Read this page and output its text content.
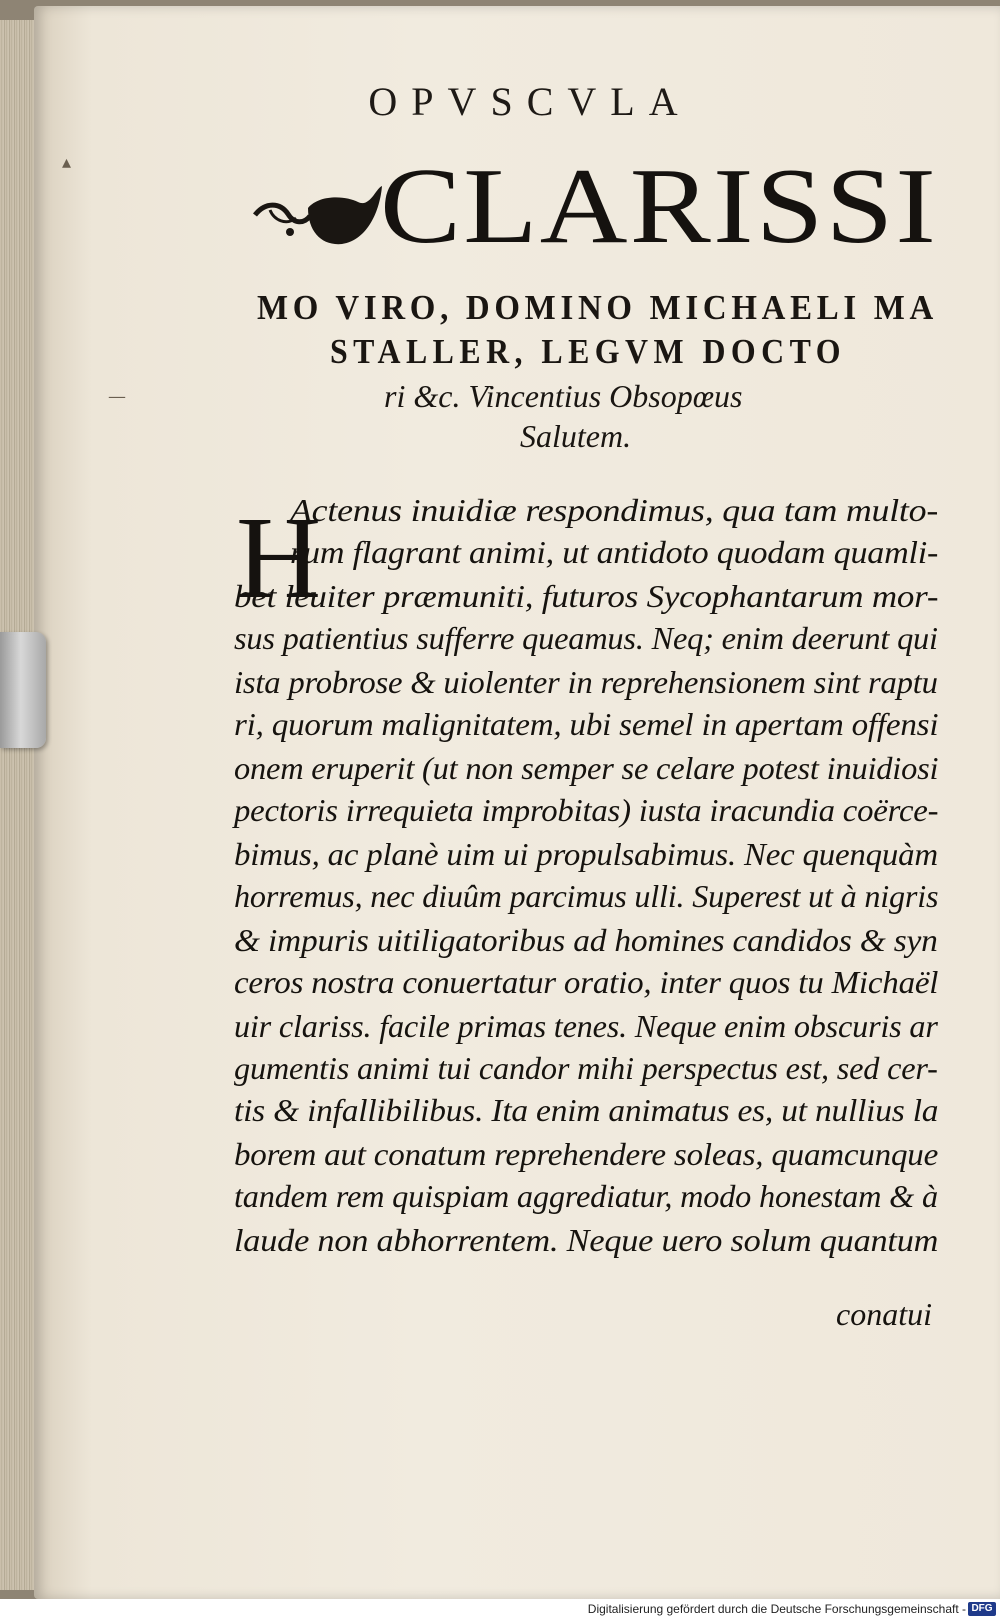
▴
—
OPVSCVLA
CLARISSI
MO VIRO, DOMINO MICHAELI MA
STALLER, LEGVM DOCTO
ri &c. Vincentius Obsopœus
Salutem.
H
Actenus inuidiæ respondimus, qua tam multo-
rum flagrant animi, ut antidoto quodam quamli-
bet leuiter præmuniti, futuros Sycophantarum mor-
sus patientius sufferre queamus. Neq; enim deerunt qui
ista probrose & uiolenter in reprehensionem sint raptu
ri, quorum malignitatem, ubi semel in apertam offensi
onem eruperit (ut non semper se celare potest inuidiosi
pectoris irrequieta improbitas) iusta iracundia coërce-
bimus, ac planè uim ui propulsabimus. Nec quenquàm
horremus, nec diuûm parcimus ulli. Superest ut à nigris
& impuris uitiligatoribus ad homines candidos & syn
ceros nostra conuertatur oratio, inter quos tu Michaël
uir clariss. facile primas tenes. Neque enim obscuris ar
gumentis animi tui candor mihi perspectus est, sed cer-
tis & infallibilibus. Ita enim animatus es, ut nullius la
borem aut conatum reprehendere soleas, quamcunque
tandem rem quispiam aggrediatur, modo honestam & à
laude non abhorrentem. Neque uero solum quantum
conatui
Digitalisierung gefördert durch die Deutsche Forschungsgemeinschaft - DFG
